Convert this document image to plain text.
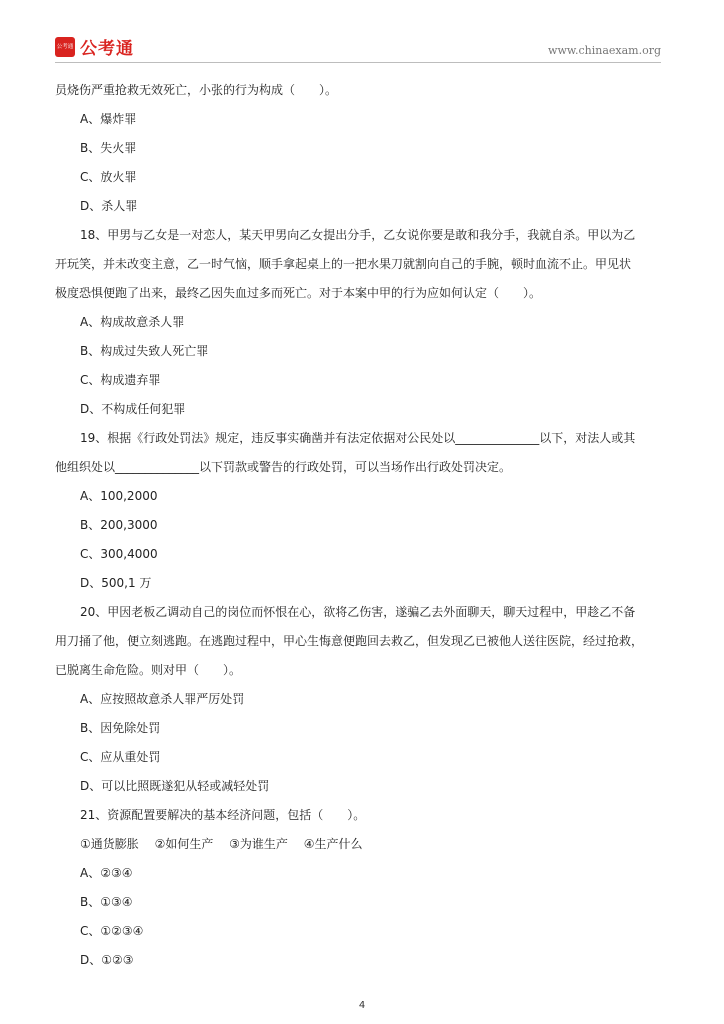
公考通 公考通	www.chinaexam.org
员烧伤严重抢救无效死亡，小张的行为构成（　　）。
A、爆炸罪
B、失火罪
C、放火罪
D、杀人罪
18、甲男与乙女是一对恋人，某天甲男向乙女提出分手，乙女说你要是敢和我分手，我就自杀。甲以为乙
开玩笑，并未改变主意，乙一时气恼，顺手拿起桌上的一把水果刀就割向自己的手腕，顿时血流不止。甲见状
极度恐惧便跑了出来，最终乙因失血过多而死亡。对于本案中甲的行为应如何认定（　　）。
A、构成故意杀人罪
B、构成过失致人死亡罪
C、构成遗弃罪
D、不构成任何犯罪
19、根据《行政处罚法》规定，违反事实确凿并有法定依据对公民处以______________以下，对法人或其
他组织处以______________以下罚款或警告的行政处罚，可以当场作出行政处罚决定。
A、100,2000
B、200,3000
C、300,4000
D、500,1 万
20、甲因老板乙调动自己的岗位而怀恨在心，欲将乙伤害，遂骗乙去外面聊天，聊天过程中，甲趁乙不备
用刀捅了他，便立刻逃跑。在逃跑过程中，甲心生悔意便跑回去救乙，但发现乙已被他人送往医院，经过抢救，
已脱离生命危险。则对甲（　　）。
A、应按照故意杀人罪严厉处罚
B、因免除处罚
C、应从重处罚
D、可以比照既遂犯从轻或减轻处罚
21、资源配置要解决的基本经济问题，包括（　　）。
①通货膨胀　 ②如何生产　 ③为谁生产　 ④生产什么
A、②③④
B、①③④
C、①②③④
D、①②③
4
